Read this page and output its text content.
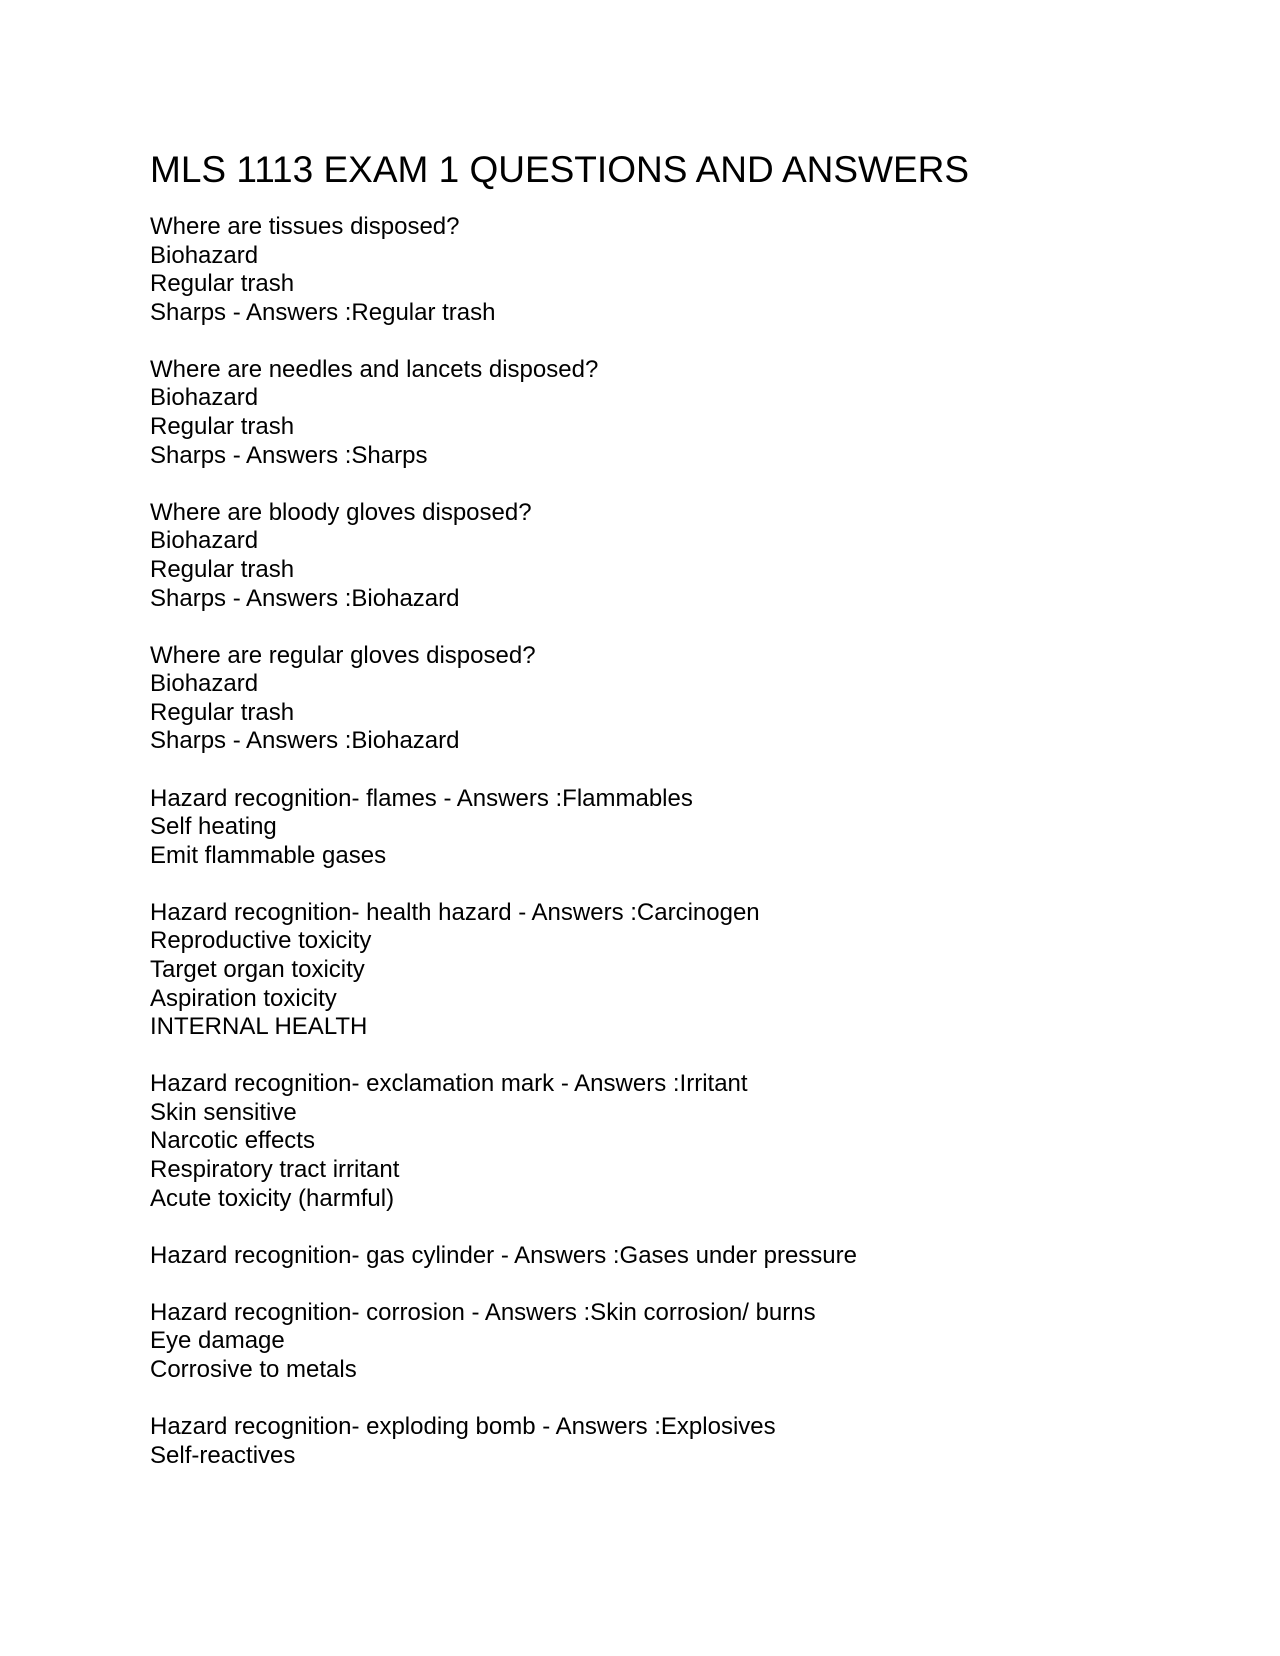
MLS 1113 EXAM 1 QUESTIONS AND ANSWERS
Where are tissues disposed?
Biohazard
Regular trash
Sharps - Answers :Regular trash
Where are needles and lancets disposed?
Biohazard
Regular trash
Sharps - Answers :Sharps
Where are bloody gloves disposed?
Biohazard
Regular trash
Sharps - Answers :Biohazard
Where are regular gloves disposed?
Biohazard
Regular trash
Sharps - Answers :Biohazard
Hazard recognition- flames - Answers :Flammables
Self heating
Emit flammable gases
Hazard recognition- health hazard - Answers :Carcinogen
Reproductive toxicity
Target organ toxicity
Aspiration toxicity
INTERNAL HEALTH
Hazard recognition- exclamation mark - Answers :Irritant
Skin sensitive
Narcotic effects
Respiratory tract irritant
Acute toxicity (harmful)
Hazard recognition- gas cylinder - Answers :Gases under pressure
Hazard recognition- corrosion - Answers :Skin corrosion/ burns
Eye damage
Corrosive to metals
Hazard recognition- exploding bomb - Answers :Explosives
Self-reactives
